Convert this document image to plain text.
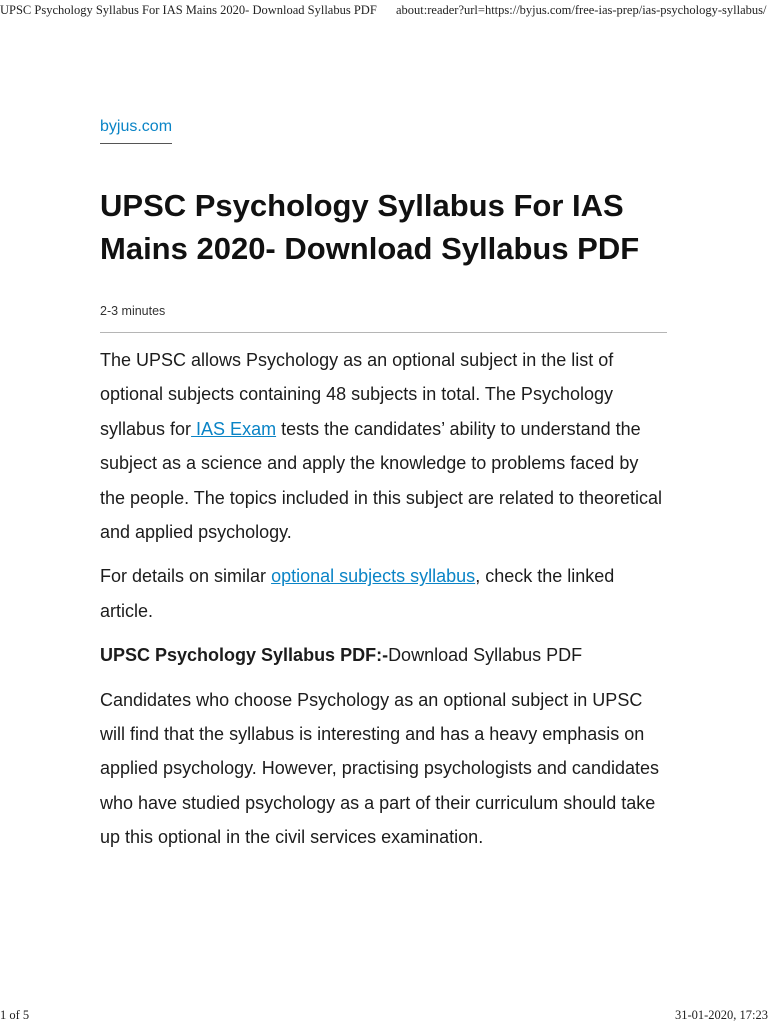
UPSC Psychology Syllabus For IAS Mains 2020- Download Syllabus PDF about:reader?url=https://byjus.com/free-ias-prep/ias-psychology-syllabus/
byjus.com
UPSC Psychology Syllabus For IAS Mains 2020- Download Syllabus PDF
2-3 minutes

The UPSC allows Psychology as an optional subject in the list of optional subjects containing 48 subjects in total. The Psychology syllabus for IAS Exam tests the candidates’ ability to understand the subject as a science and apply the knowledge to problems faced by the people. The topics included in this subject are related to theoretical and applied psychology.

For details on similar optional subjects syllabus, check the linked article.

UPSC Psychology Syllabus PDF:-Download Syllabus PDF

Candidates who choose Psychology as an optional subject in UPSC will find that the syllabus is interesting and has a heavy emphasis on applied psychology. However, practising psychologists and candidates who have studied psychology as a part of their curriculum should take up this optional in the civil services examination.

1 of 5	31-01-2020, 17:23
